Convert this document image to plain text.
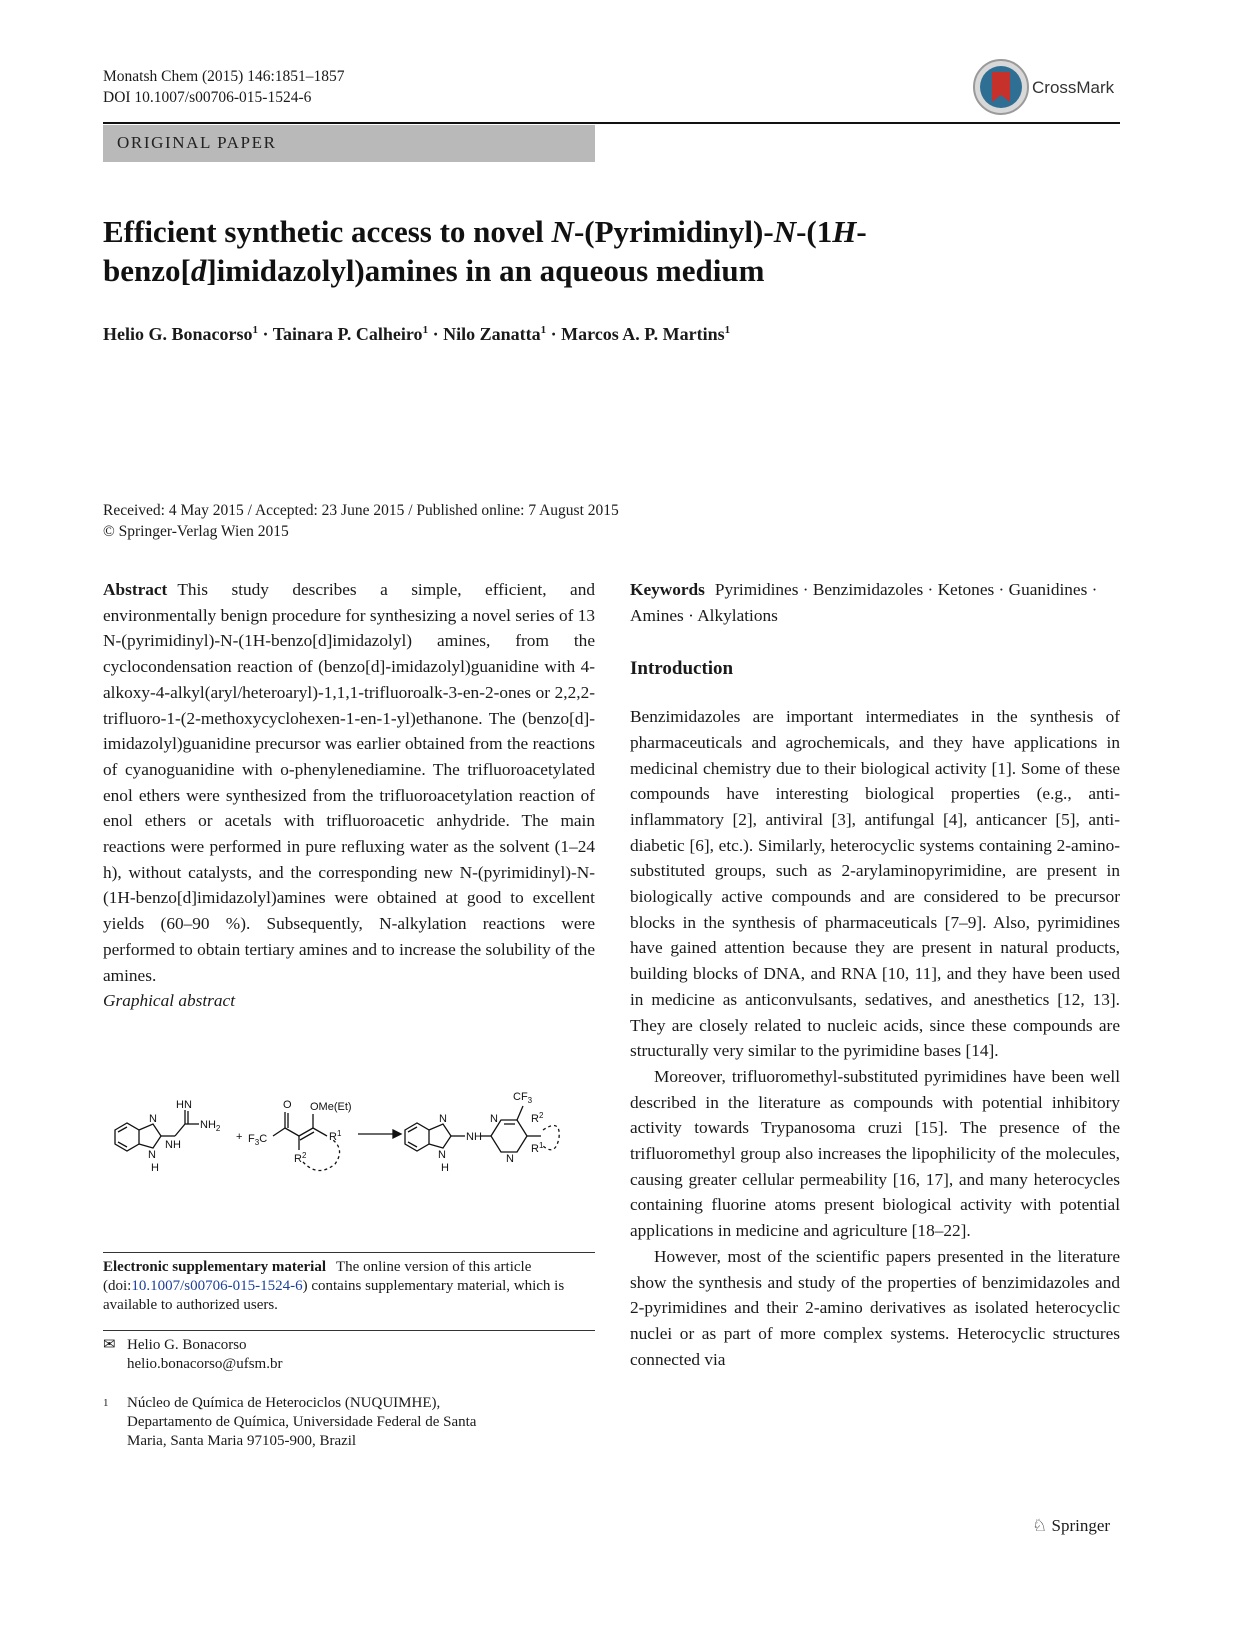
Monatsh Chem (2015) 146:1851–1857
DOI 10.1007/s00706-015-1524-6
CrossMark
ORIGINAL PAPER
Efficient synthetic access to novel N-(Pyrimidinyl)-N-(1H-
benzo[d]imidazolyl)amines in an aqueous medium
Helio G. Bonacorso$^1$ · Tainara P. Calheiro$^1$ · Nilo Zanatta$^1$ · Marcos A. P. Martins$^1$
Received: 4 May 2015 / Accepted: 23 June 2015 / Published online: 7 August 2015
© Springer-Verlag Wien 2015

Abstract This study describes a simple, efficient, and environmentally benign procedure for synthesizing a novel series of 13 N-(pyrimidinyl)-N-(1H-benzo[d]imidazolyl) amines, from the cyclocondensation reaction of (benzo[d]-imidazolyl)guanidine with 4-alkoxy-4-alkyl(aryl/heteroaryl)-1,1,1-trifluoroalk-3-en-2-ones or 2,2,2-trifluoro-1-(2-methoxycyclohexen-1-en-1-yl)ethanone. The (benzo[d]-imidazolyl)guanidine precursor was earlier obtained from the reactions of cyanoguanidine with o-phenylenediamine. The trifluoroacetylated enol ethers were synthesized from the trifluoroacetylation reaction of enol ethers or acetals with trifluoroacetic anhydride. The main reactions were performed in pure refluxing water as the solvent (1–24 h), without catalysts, and the corresponding new N-(pyrimidinyl)-N-(1H-benzo[d]imidazolyl)amines were obtained at good to excellent yields (60–90 %). Subsequently, N-alkylation reactions were performed to obtain tertiary amines and to increase the solubility of the amines.

Graphical abstract

N
N
H
NH
HN
$NH_2$
+
O OMe(Et)
$F_3C$	$R^1$
$R^2$
N
N
H
NH
N
N
$CF_3$
$R^2$
$R^1$
Electronic supplementary material The online version of this article (doi:10.1007/s00706-015-1524-6) contains supplementary material, which is available to authorized users.
✉ Helio G. Bonacorso
helio.bonacorso@ufsm.br
1	Núcleo de Química de Heterociclos (NUQUIMHE),
Departamento de Química, Universidade Federal de Santa
Maria, Santa Maria 97105-900, Brazil

Keywords Pyrimidines · Benzimidazoles · Ketones · Guanidines · Amines · Alkylations

Introduction

Benzimidazoles are important intermediates in the synthesis of pharmaceuticals and agrochemicals, and they have applications in medicinal chemistry due to their biological activity [1]. Some of these compounds have interesting biological properties (e.g., anti-inflammatory [2], antiviral [3], antifungal [4], anticancer [5], anti-diabetic [6], etc.). Similarly, heterocyclic systems containing 2-amino-substituted groups, such as 2-arylaminopyrimidine, are present in biologically active compounds and are considered to be precursor blocks in the synthesis of pharmaceuticals [7–9]. Also, pyrimidines have gained attention because they are present in natural products, building blocks of DNA, and RNA [10, 11], and they have been used in medicine as anticonvulsants, sedatives, and anesthetics [12, 13]. They are closely related to nucleic acids, since these compounds are structurally very similar to the pyrimidine bases [14].

Moreover, trifluoromethyl-substituted pyrimidines have been well described in the literature as compounds with potential inhibitory activity towards Trypanosoma cruzi [15]. The presence of the trifluoromethyl group also increases the lipophilicity of the molecules, causing greater cellular permeability [16, 17], and many heterocycles containing fluorine atoms present biological activity with potential applications in medicine and agriculture [18–22].

However, most of the scientific papers presented in the literature show the synthesis and study of the properties of benzimidazoles and 2-pyrimidines and their 2-amino derivatives as isolated heterocyclic nuclei or as part of more complex systems. Heterocyclic structures connected via

♘ Springer
